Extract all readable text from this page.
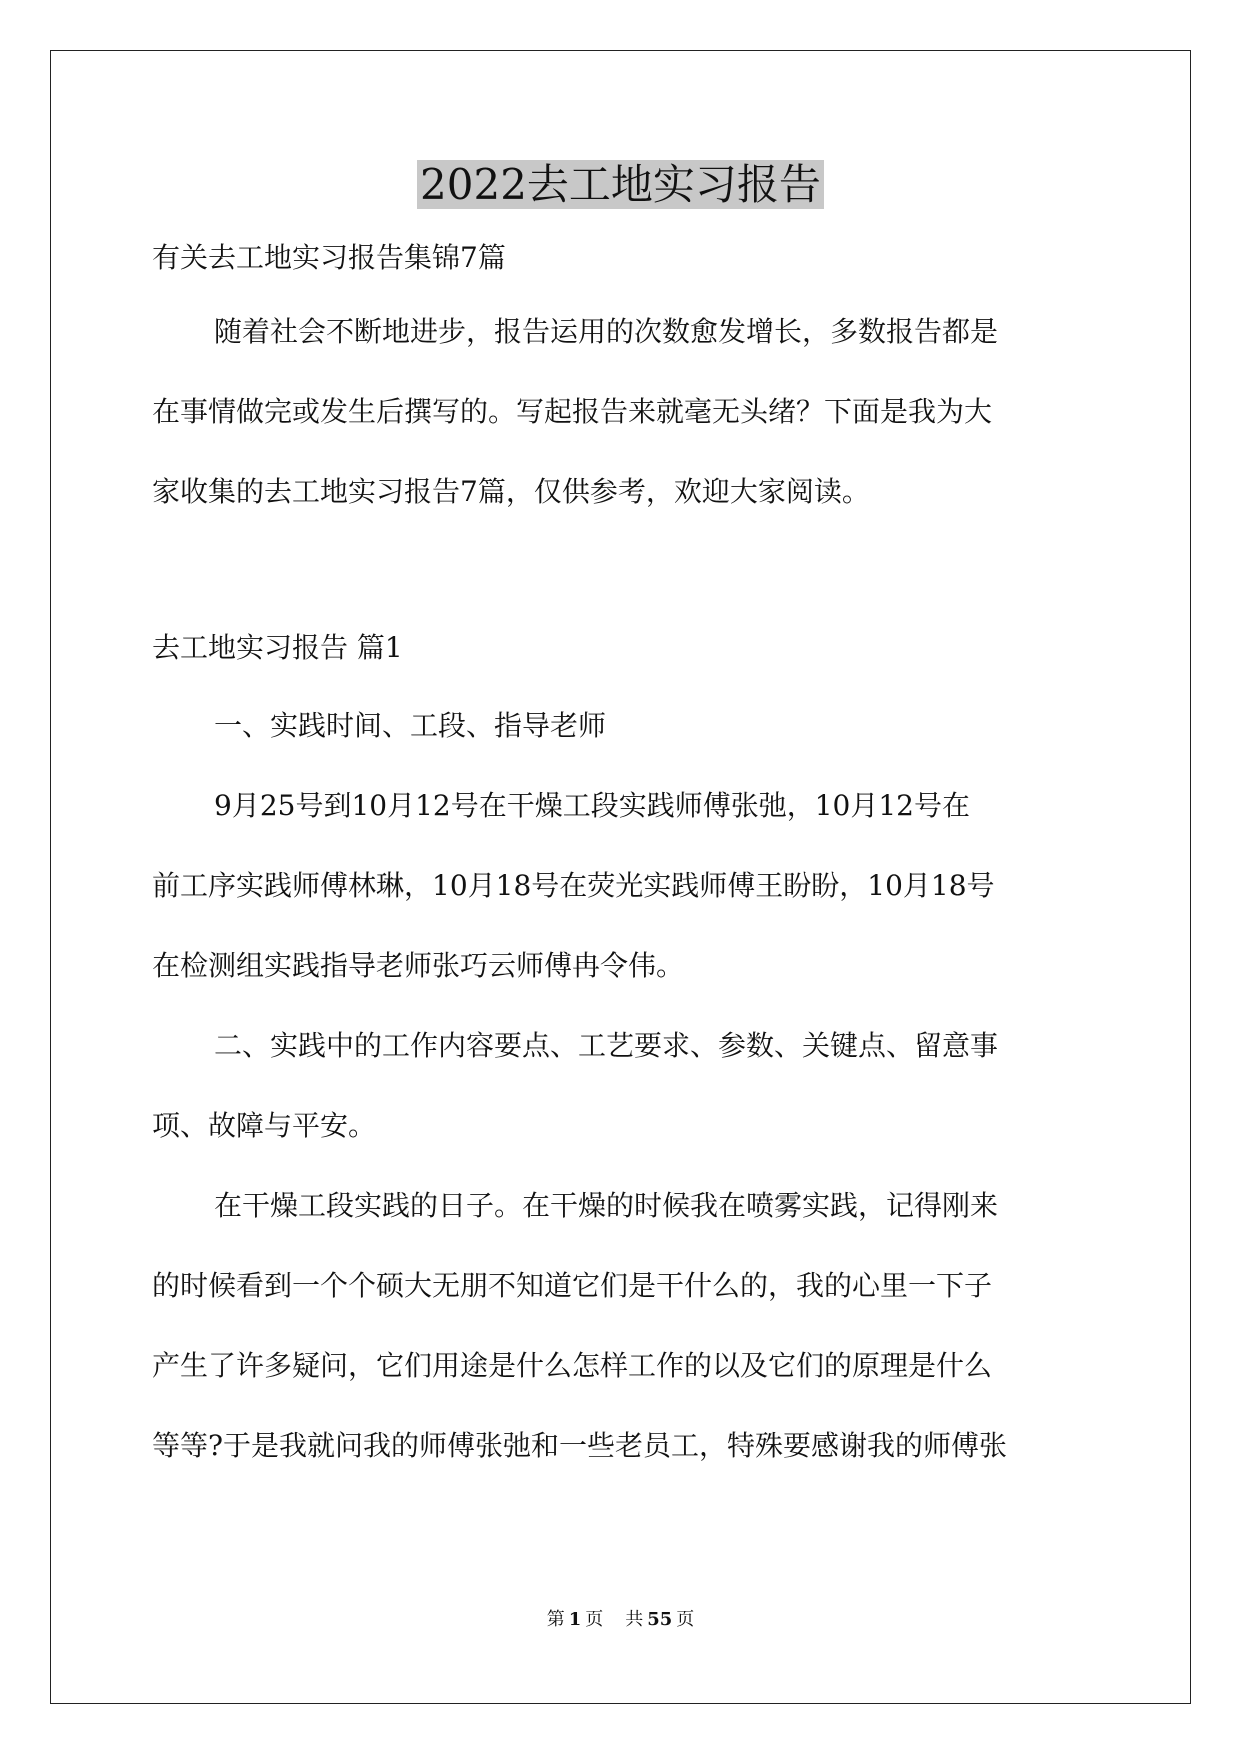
2022去工地实习报告

有关去工地实习报告集锦7篇

随着社会不断地进步，报告运用的次数愈发增长，多数报告都是

在事情做完或发生后撰写的。写起报告来就毫无头绪？下面是我为大

家收集的去工地实习报告7篇，仅供参考，欢迎大家阅读。

去工地实习报告 篇1

一、实践时间、工段、指导老师

9月25号到10月12号在干燥工段实践师傅张弛，10月12号在

前工序实践师傅林琳，10月18号在荧光实践师傅王盼盼，10月18号

在检测组实践指导老师张巧云师傅冉令伟。

二、实践中的工作内容要点、工艺要求、参数、关键点、留意事

项、故障与平安。

在干燥工段实践的日子。在干燥的时候我在喷雾实践，记得刚来

的时候看到一个个硕大无朋不知道它们是干什么的，我的心里一下子

产生了许多疑问，它们用途是什么怎样工作的以及它们的原理是什么

等等?于是我就问我的师傅张弛和一些老员工，特殊要感谢我的师傅张

第 1 页 共 55 页
